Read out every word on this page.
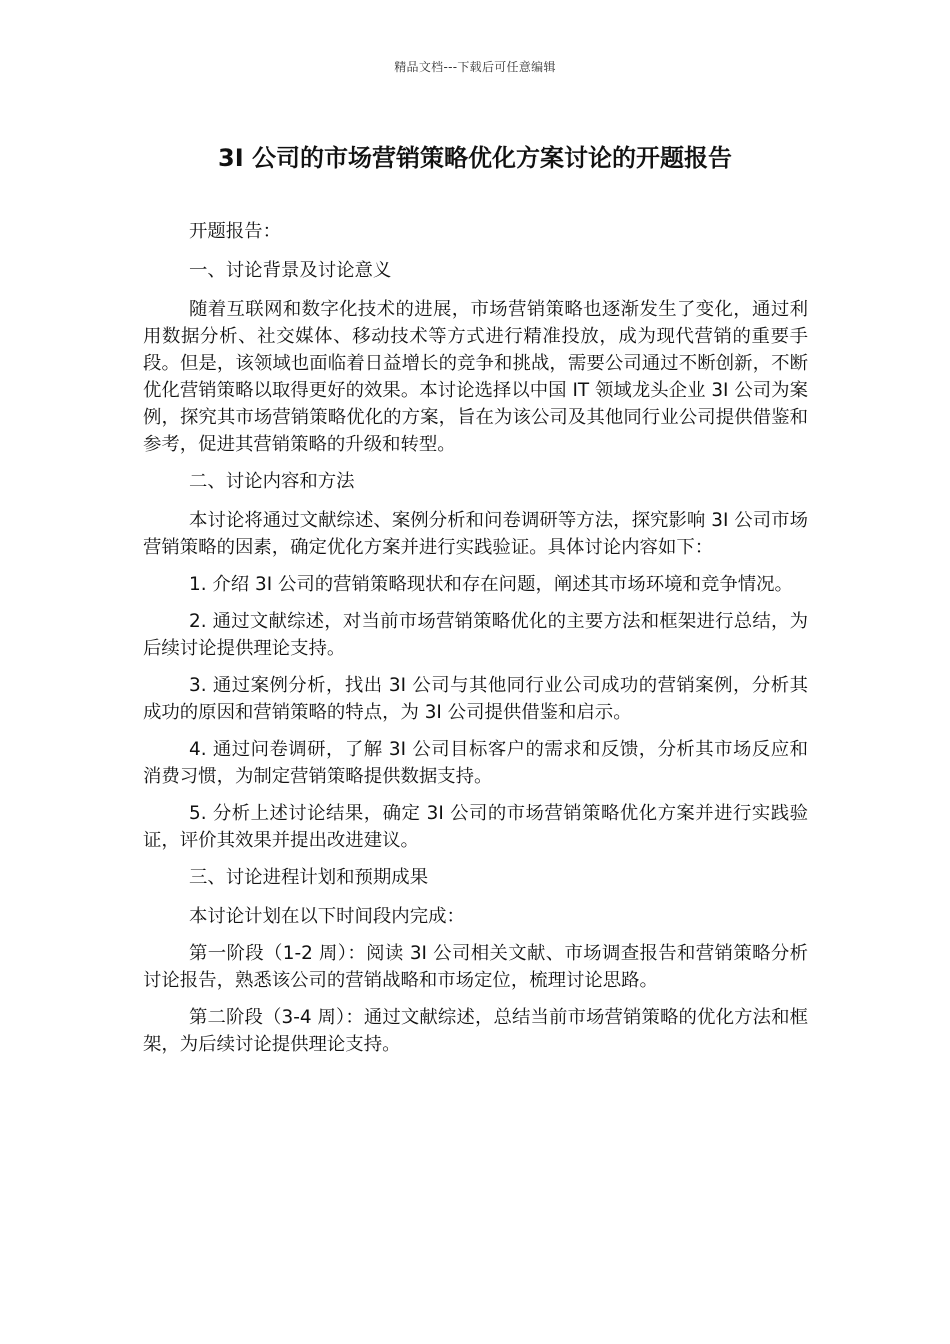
精品文档---下载后可任意编辑
3I 公司的市场营销策略优化方案讨论的开题报告

开题报告：

一、讨论背景及讨论意义

随着互联网和数字化技术的进展，市场营销策略也逐渐发生了变化，通过利用数据分析、社交媒体、移动技术等方式进行精准投放，成为现代营销的重要手段。但是，该领域也面临着日益增长的竞争和挑战，需要公司通过不断创新，不断优化营销策略以取得更好的效果。本讨论选择以中国 IT 领域龙头企业 3I 公司为案例，探究其市场营销策略优化的方案，旨在为该公司及其他同行业公司提供借鉴和参考，促进其营销策略的升级和转型。

二、讨论内容和方法

本讨论将通过文献综述、案例分析和问卷调研等方法，探究影响 3I 公司市场营销策略的因素，确定优化方案并进行实践验证。具体讨论内容如下：

1. 介绍 3I 公司的营销策略现状和存在问题，阐述其市场环境和竞争情况。

2. 通过文献综述，对当前市场营销策略优化的主要方法和框架进行总结，为后续讨论提供理论支持。

3. 通过案例分析，找出 3I 公司与其他同行业公司成功的营销案例，分析其成功的原因和营销策略的特点，为 3I 公司提供借鉴和启示。

4. 通过问卷调研，了解 3I 公司目标客户的需求和反馈，分析其市场反应和消费习惯，为制定营销策略提供数据支持。

5. 分析上述讨论结果，确定 3I 公司的市场营销策略优化方案并进行实践验证，评价其效果并提出改进建议。

三、讨论进程计划和预期成果

本讨论计划在以下时间段内完成：

第一阶段（1-2 周）：阅读 3I 公司相关文献、市场调查报告和营销策略分析讨论报告，熟悉该公司的营销战略和市场定位，梳理讨论思路。

第二阶段（3-4 周）：通过文献综述，总结当前市场营销策略的优化方法和框架，为后续讨论提供理论支持。
